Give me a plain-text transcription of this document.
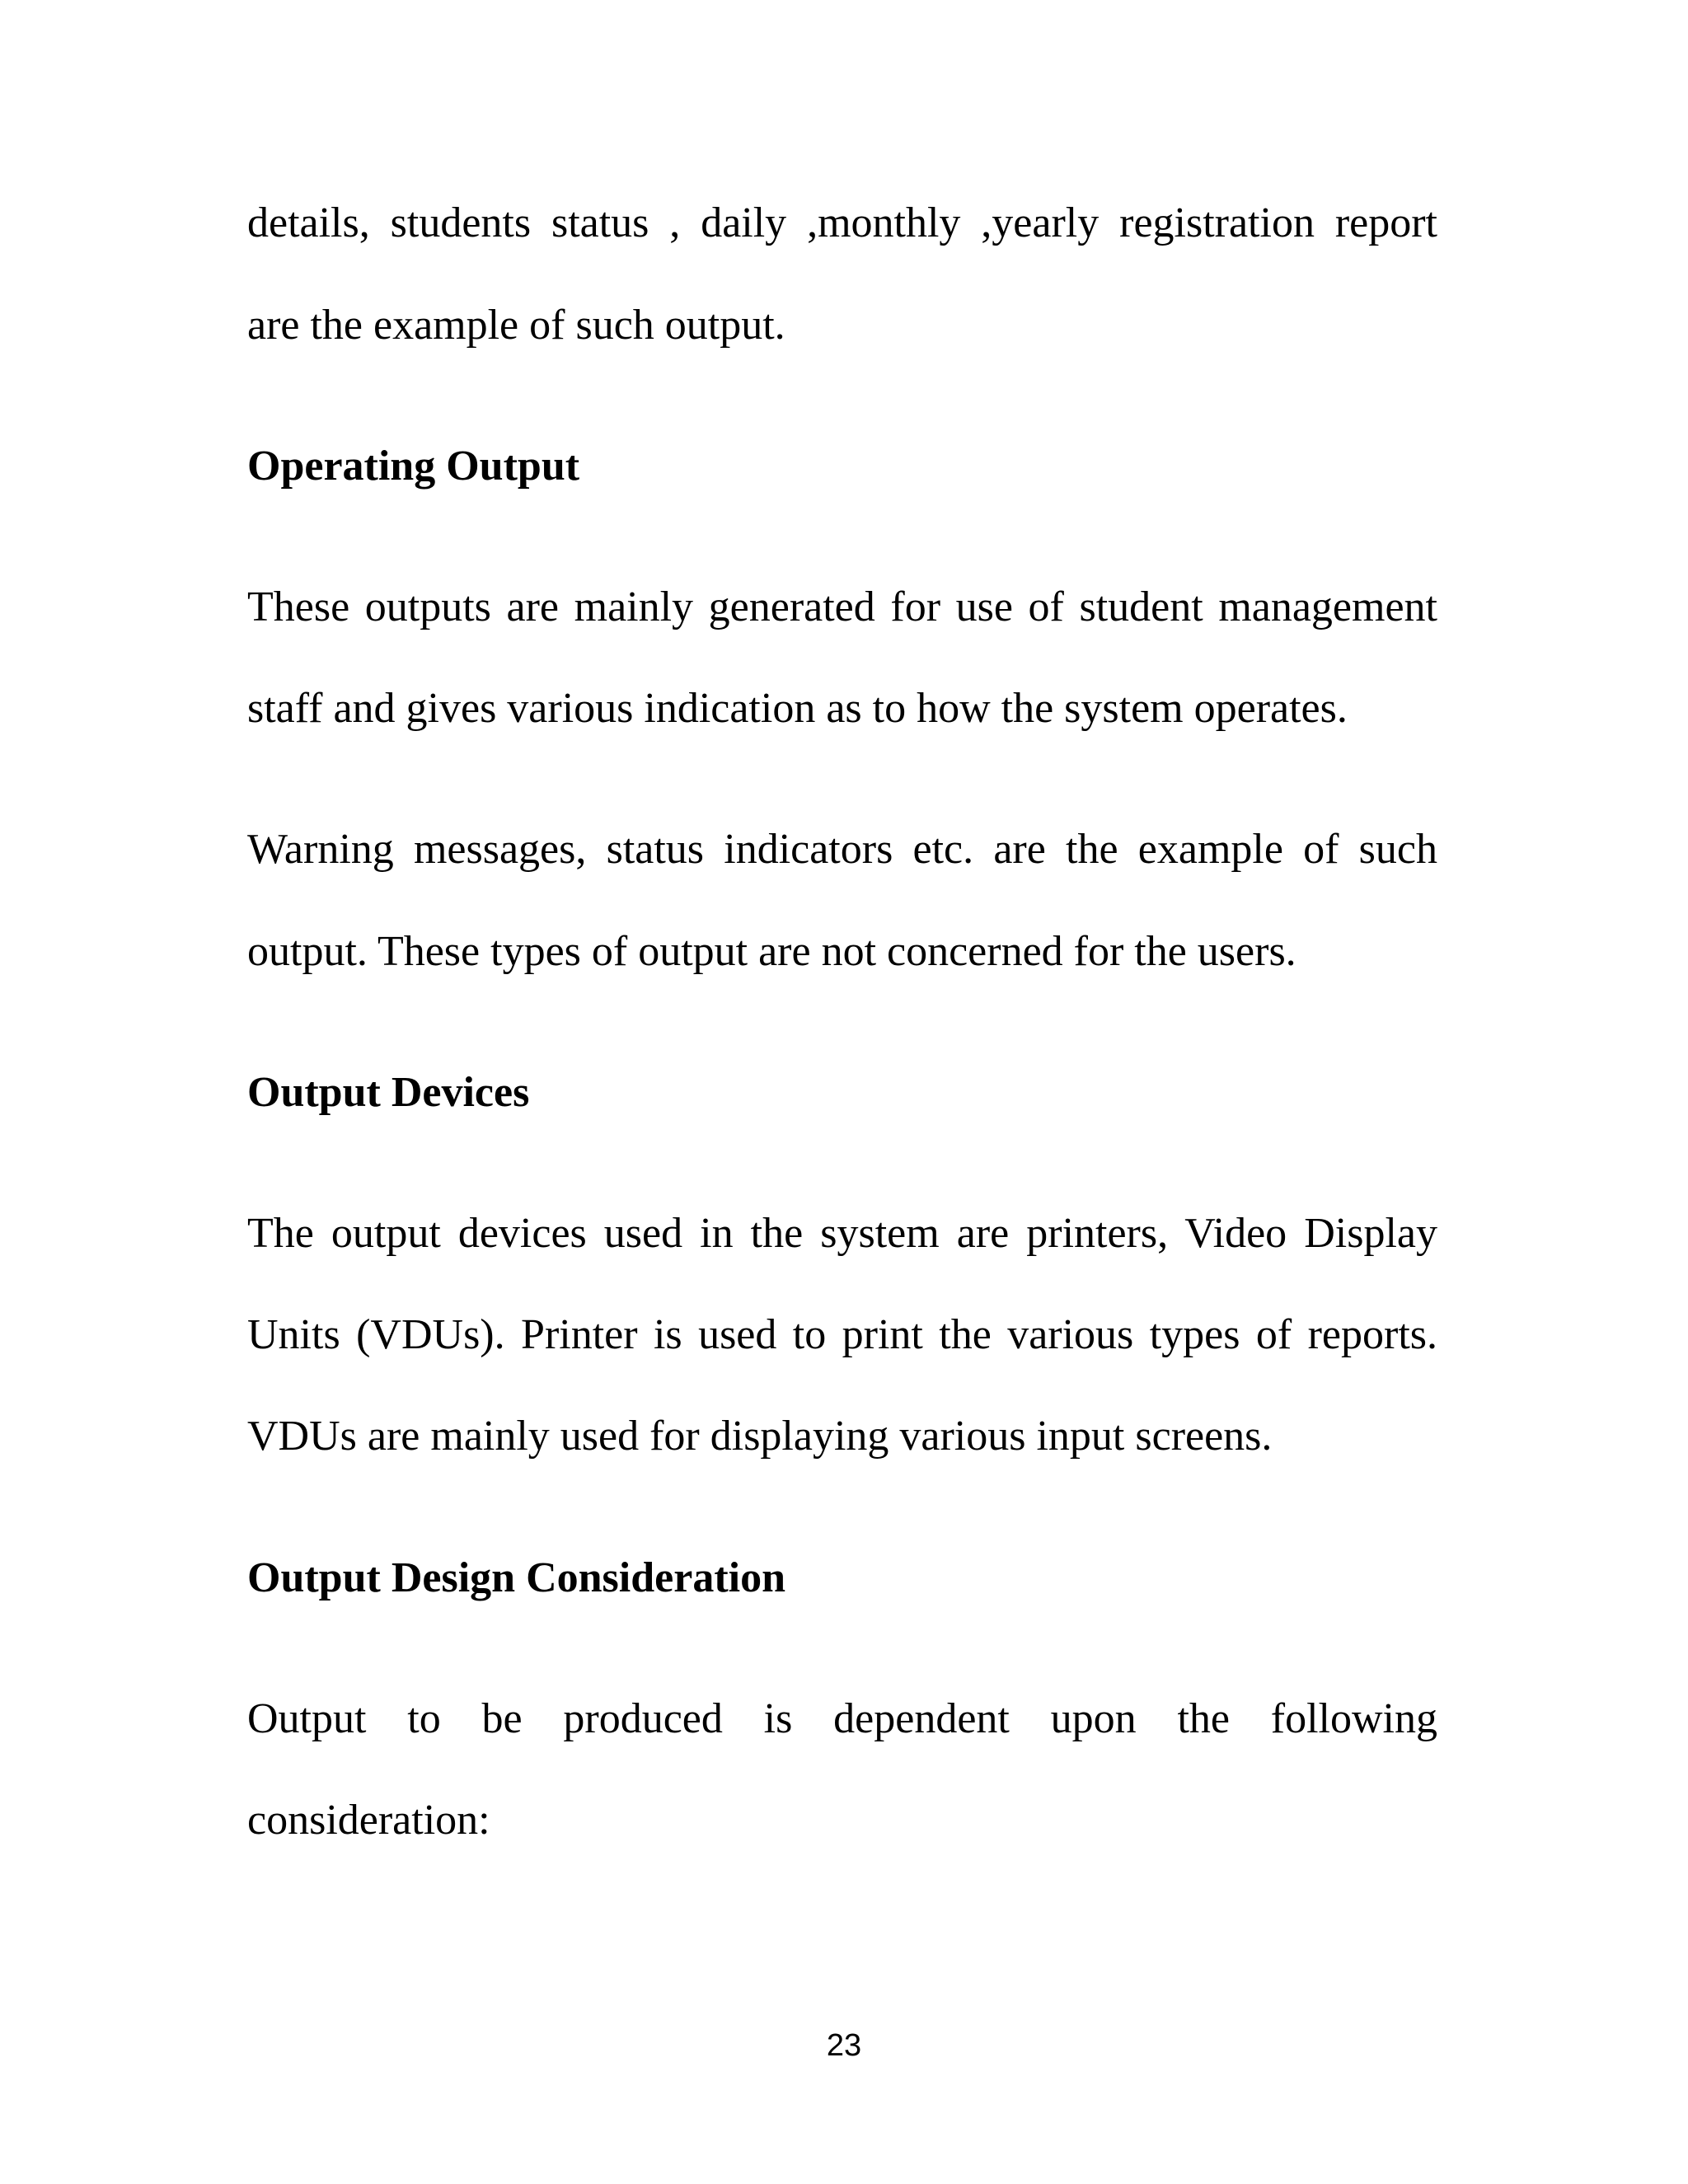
details, students status , daily ,monthly ,yearly registration report
are the example of such output.
Operating Output
These outputs are mainly generated for use of student management
staff and gives various indication as to how the system operates.
Warning messages, status indicators etc. are the example of such
output. These types of output are not concerned for the users.
Output Devices
The output devices used in the system are printers, Video Display
Units (VDUs). Printer is used to print the various types of reports.
VDUs are mainly used for displaying various input screens.
Output Design Consideration
Output to be produced is dependent upon the following
consideration:
23
